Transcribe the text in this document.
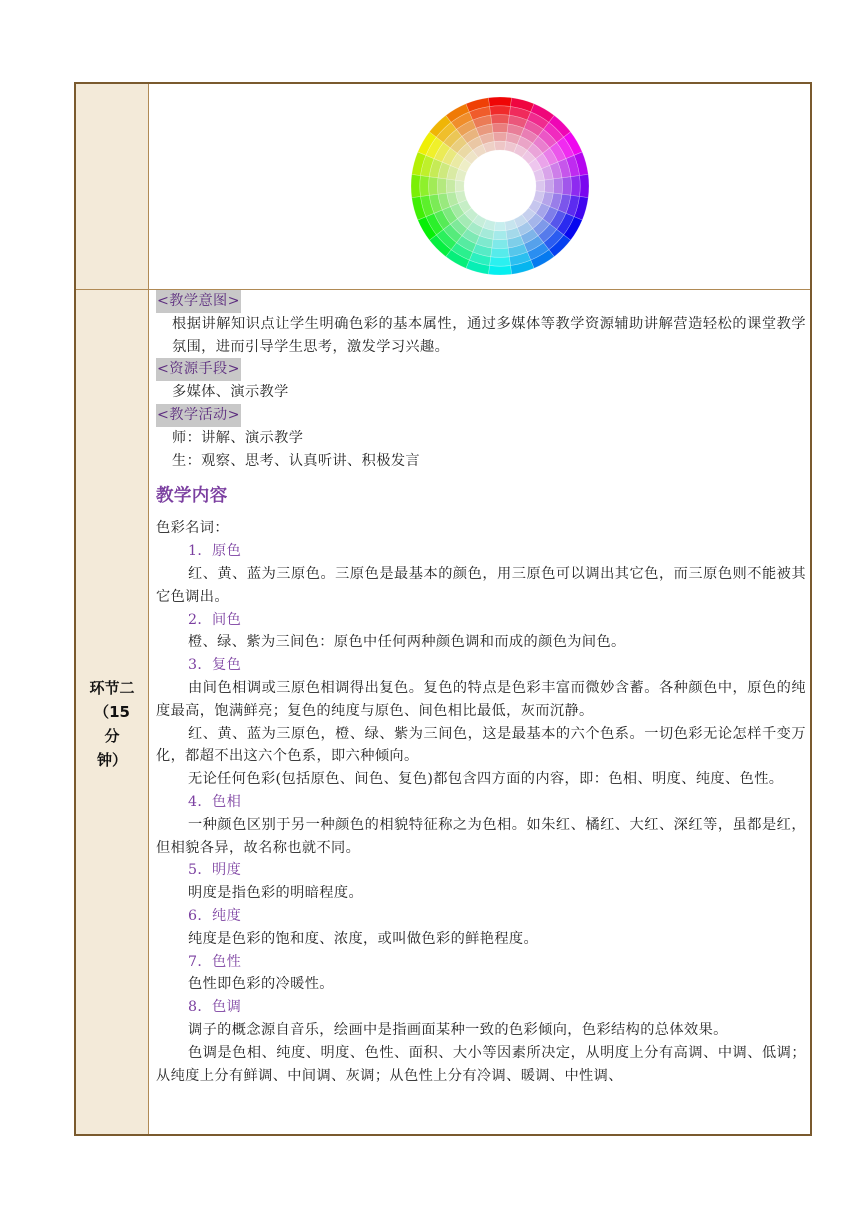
环节二
（15 分
钟）

<教学意图>

根据讲解知识点让学生明确色彩的基本属性，通过多媒体等教学资源辅助讲解营造轻松的课堂教学氛围，进而引导学生思考，激发学习兴趣。

<资源手段>

多媒体、演示教学

<教学活动>

师：讲解、演示教学

生：观察、思考、认真听讲、积极发言

教学内容

色彩名词：

1．原色

红、黄、蓝为三原色。三原色是最基本的颜色，用三原色可以调出其它色，而三原色则不能被其它色调出。

2．间色

橙、绿、紫为三间色：原色中任何两种颜色调和而成的颜色为间色。

3．复色

由间色相调或三原色相调得出复色。复色的特点是色彩丰富而微妙含蓄。各种颜色中，原色的纯度最高，饱满鲜亮；复色的纯度与原色、间色相比最低，灰而沉静。

红、黄、蓝为三原色，橙、绿、紫为三间色，这是最基本的六个色系。一切色彩无论怎样千变万化，都超不出这六个色系，即六种倾向。

无论任何色彩(包括原色、间色、复色)都包含四方面的内容，即：色相、明度、纯度、色性。

4．色相

一种颜色区别于另一种颜色的相貌特征称之为色相。如朱红、橘红、大红、深红等，虽都是红，但相貌各异，故名称也就不同。

5．明度

明度是指色彩的明暗程度。

6．纯度

纯度是色彩的饱和度、浓度，或叫做色彩的鲜艳程度。

7．色性

色性即色彩的冷暖性。

8．色调

调子的概念源自音乐，绘画中是指画面某种一致的色彩倾向，色彩结构的总体效果。

色调是色相、纯度、明度、色性、面积、大小等因素所决定，从明度上分有高调、中调、低调；从纯度上分有鲜调、中间调、灰调；从色性上分有冷调、暖调、中性调、
